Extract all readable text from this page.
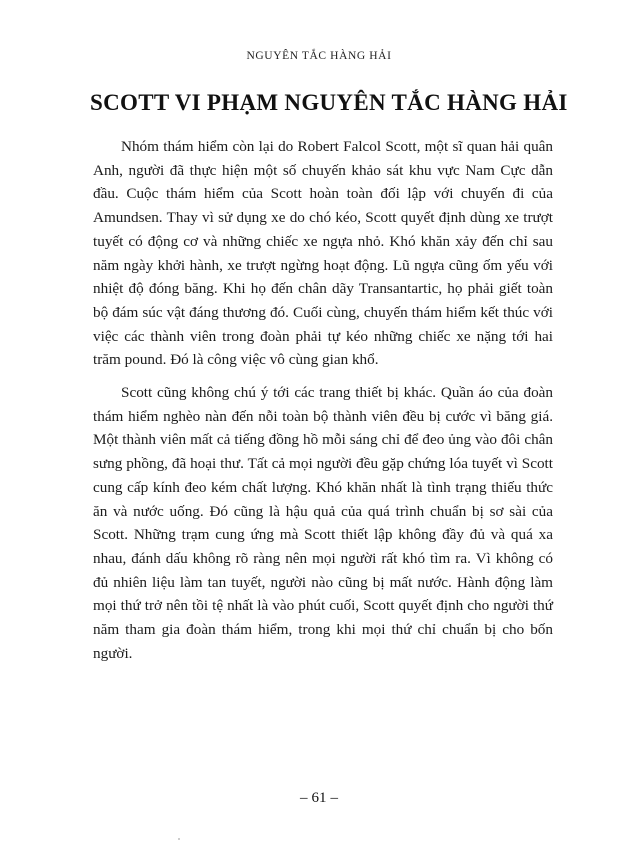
NGUYÊN TẮC HÀNG HẢI
SCOTT VI PHẠM NGUYÊN TẮC HÀNG HẢI

Nhóm thám hiểm còn lại do Robert Falcol Scott, một sĩ quan hải quân Anh, người đã thực hiện một số chuyến khảo sát khu vực Nam Cực dẫn đầu. Cuộc thám hiểm của Scott hoàn toàn đối lập với chuyến đi của Amundsen. Thay vì sử dụng xe do chó kéo, Scott quyết định dùng xe trượt tuyết có động cơ và những chiếc xe ngựa nhỏ. Khó khăn xảy đến chỉ sau năm ngày khởi hành, xe trượt ngừng hoạt động. Lũ ngựa cũng ốm yếu với nhiệt độ đóng băng. Khi họ đến chân dãy Transantartic, họ phải giết toàn bộ đám súc vật đáng thương đó. Cuối cùng, chuyến thám hiểm kết thúc với việc các thành viên trong đoàn phải tự kéo những chiếc xe nặng tới hai trăm pound. Đó là công việc vô cùng gian khổ.

Scott cũng không chú ý tới các trang thiết bị khác. Quần áo của đoàn thám hiểm nghèo nàn đến nỗi toàn bộ thành viên đều bị cước vì băng giá. Một thành viên mất cả tiếng đồng hồ mỗi sáng chỉ để đeo ủng vào đôi chân sưng phồng, đã hoại thư. Tất cả mọi người đều gặp chứng lóa tuyết vì Scott cung cấp kính đeo kém chất lượng. Khó khăn nhất là tình trạng thiếu thức ăn và nước uống. Đó cũng là hậu quả của quá trình chuẩn bị sơ sài của Scott. Những trạm cung ứng mà Scott thiết lập không đầy đủ và quá xa nhau, đánh dấu không rõ ràng nên mọi người rất khó tìm ra. Vì không có đủ nhiên liệu làm tan tuyết, người nào cũng bị mất nước. Hành động làm mọi thứ trở nên tồi tệ nhất là vào phút cuối, Scott quyết định cho người thứ năm tham gia đoàn thám hiểm, trong khi mọi thứ chỉ chuẩn bị cho bốn người.

– 61 –
